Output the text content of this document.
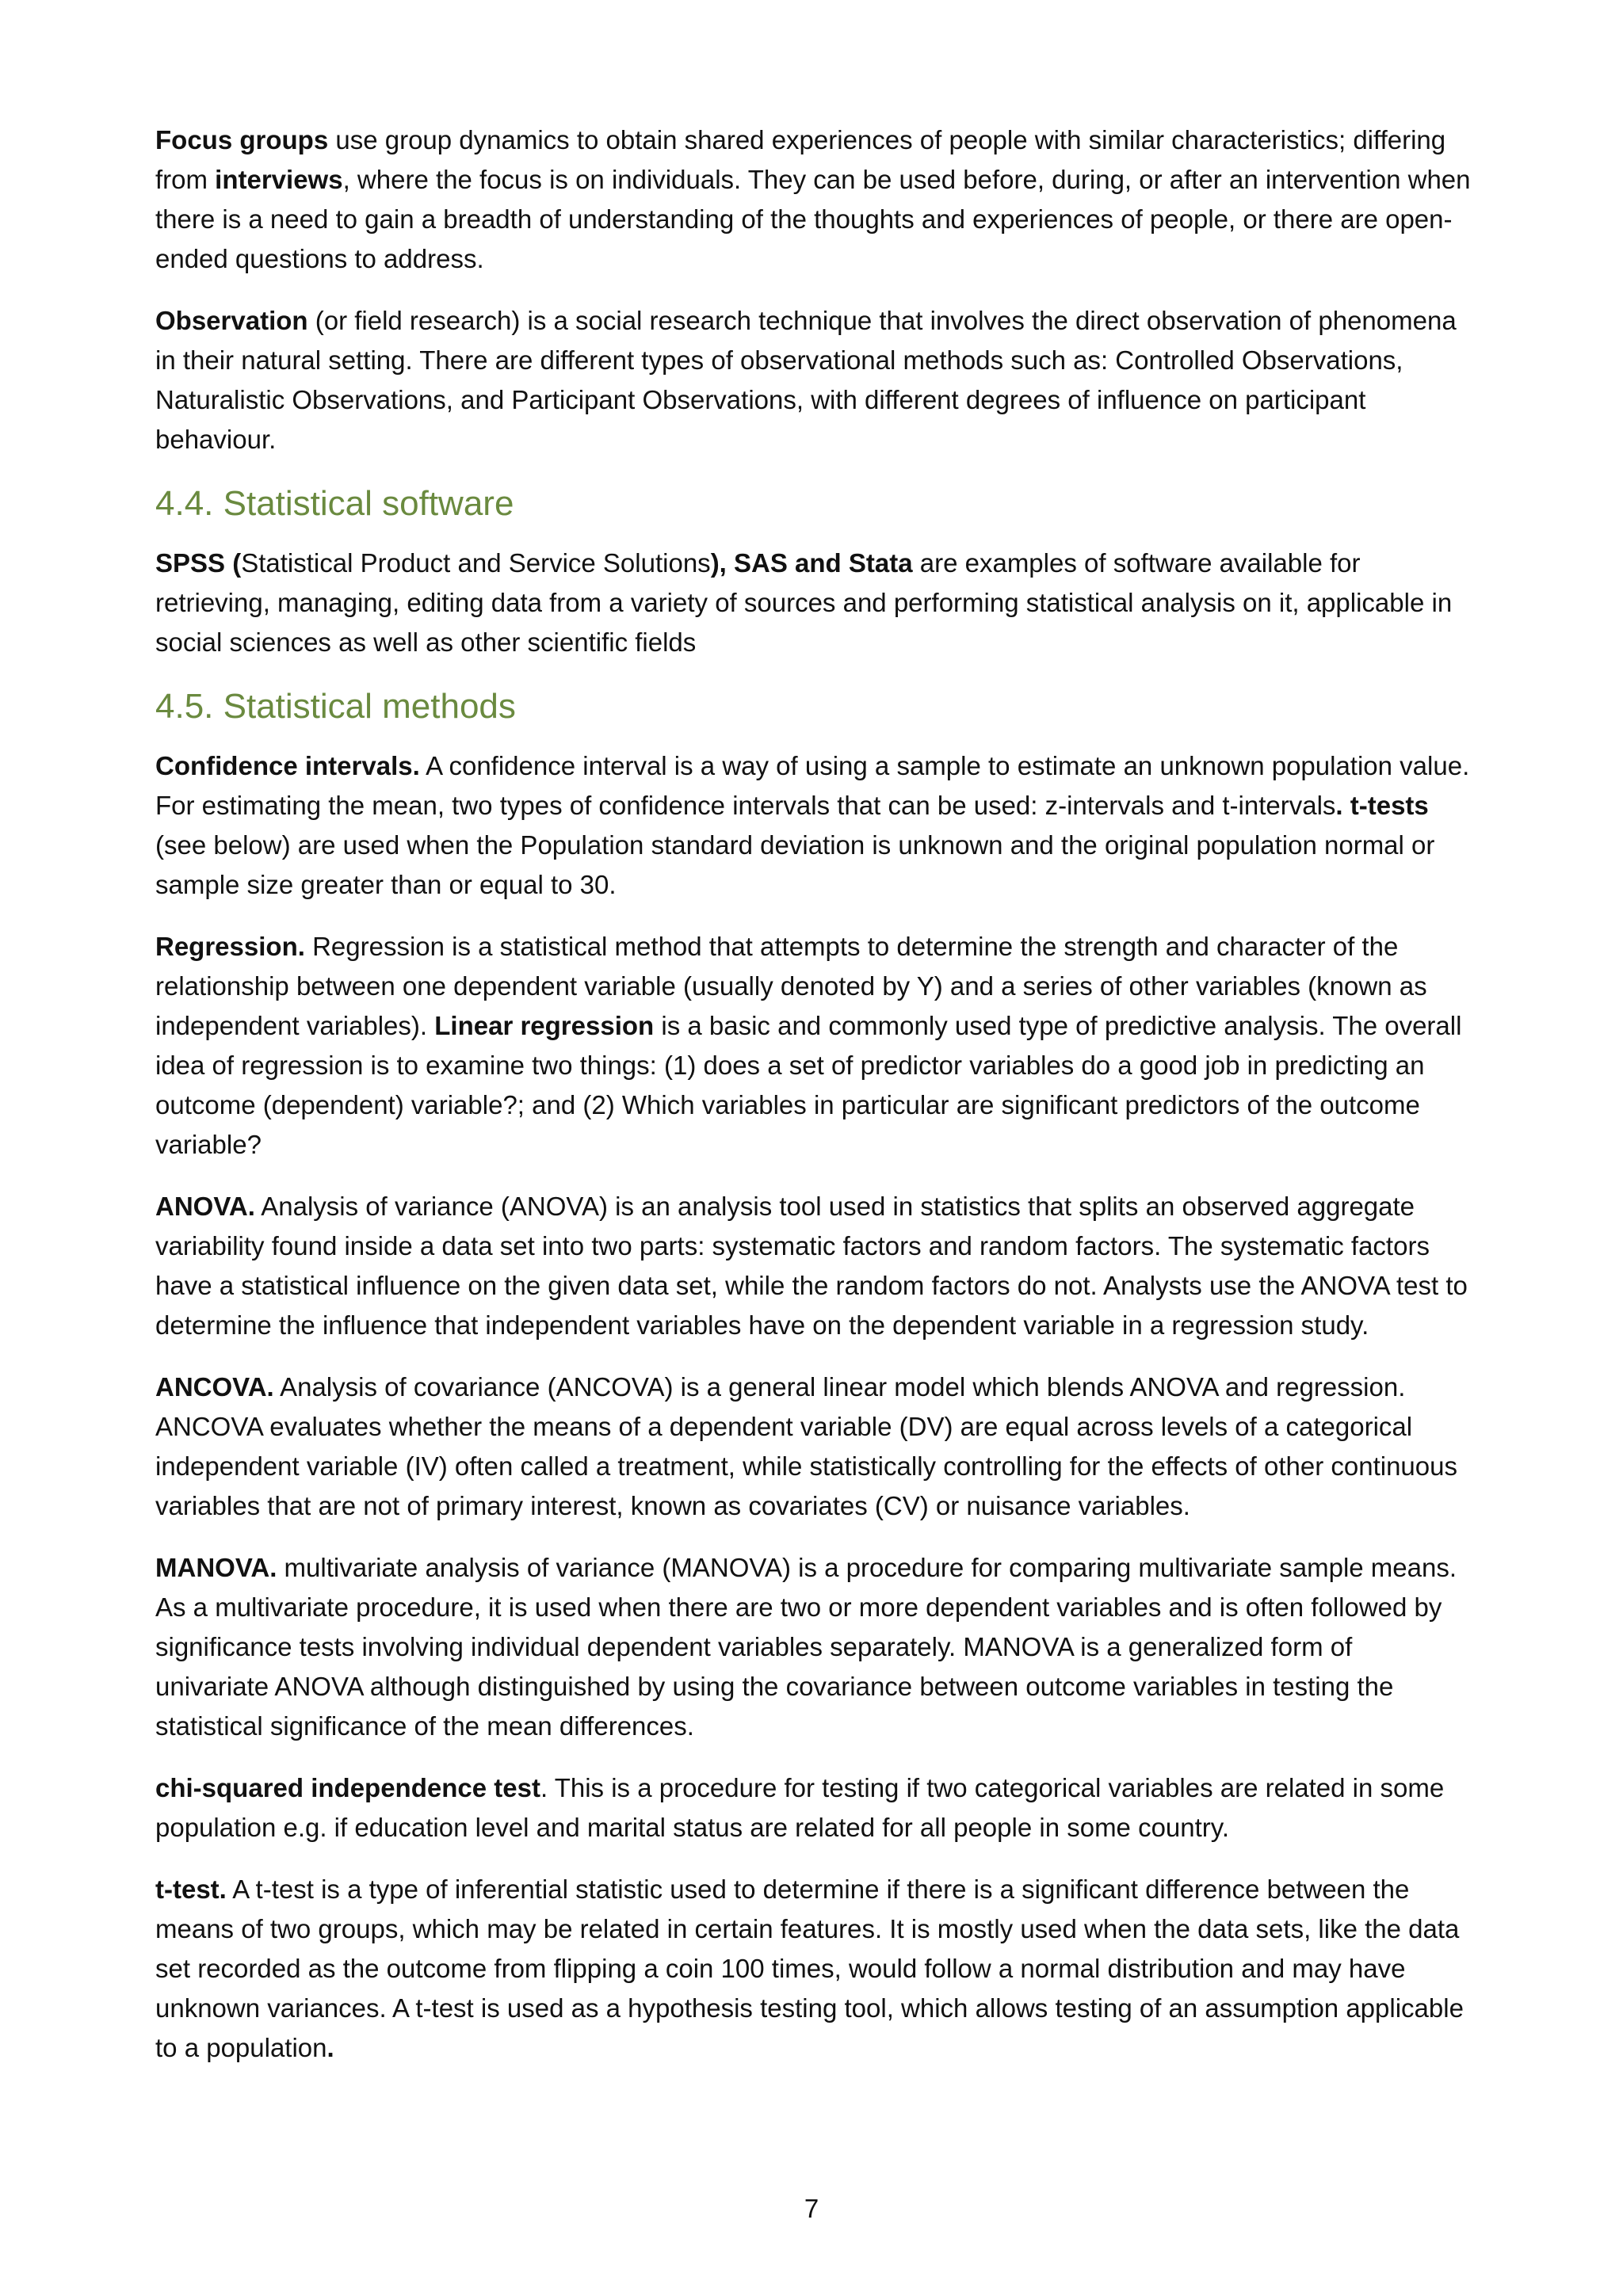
Focus groups use group dynamics to obtain shared experiences of people with similar characteristics; differing from interviews, where the focus is on individuals. They can be used before, during, or after an intervention when there is a need to gain a breadth of understanding of the thoughts and experiences of people, or there are open-ended questions to address.

Observation (or field research) is a social research technique that involves the direct observation of phenomena in their natural setting. There are different types of observational methods such as: Controlled Observations, Naturalistic Observations, and Participant Observations, with different degrees of influence on participant behaviour.

4.4. Statistical software

SPSS (Statistical Product and Service Solutions), SAS and Stata are examples of software available for retrieving, managing, editing data from a variety of sources and performing statistical analysis on it, applicable in social sciences as well as other scientific fields

4.5. Statistical methods

Confidence intervals. A confidence interval is a way of using a sample to estimate an unknown population value. For estimating the mean, two types of confidence intervals that can be used: z-intervals and t-intervals. t-tests (see below) are used when the Population standard deviation is unknown and the original population normal or sample size greater than or equal to 30.

Regression. Regression is a statistical method that attempts to determine the strength and character of the relationship between one dependent variable (usually denoted by Y) and a series of other variables (known as independent variables). Linear regression is a basic and commonly used type of predictive analysis. The overall idea of regression is to examine two things: (1) does a set of predictor variables do a good job in predicting an outcome (dependent) variable?; and (2) Which variables in particular are significant predictors of the outcome variable?

ANOVA. Analysis of variance (ANOVA) is an analysis tool used in statistics that splits an observed aggregate variability found inside a data set into two parts: systematic factors and random factors. The systematic factors have a statistical influence on the given data set, while the random factors do not. Analysts use the ANOVA test to determine the influence that independent variables have on the dependent variable in a regression study.

ANCOVA. Analysis of covariance (ANCOVA) is a general linear model which blends ANOVA and regression. ANCOVA evaluates whether the means of a dependent variable (DV) are equal across levels of a categorical independent variable (IV) often called a treatment, while statistically controlling for the effects of other continuous variables that are not of primary interest, known as covariates (CV) or nuisance variables.

MANOVA. multivariate analysis of variance (MANOVA) is a procedure for comparing multivariate sample means. As a multivariate procedure, it is used when there are two or more dependent variables and is often followed by significance tests involving individual dependent variables separately. MANOVA is a generalized form of univariate ANOVA although distinguished by using the covariance between outcome variables in testing the statistical significance of the mean differences.

chi-squared independence test. This is a procedure for testing if two categorical variables are related in some population e.g. if education level and marital status are related for all people in some country.

t-test. A t-test is a type of inferential statistic used to determine if there is a significant difference between the means of two groups, which may be related in certain features. It is mostly used when the data sets, like the data set recorded as the outcome from flipping a coin 100 times, would follow a normal distribution and may have unknown variances. A t-test is used as a hypothesis testing tool, which allows testing of an assumption applicable to a population.

7
